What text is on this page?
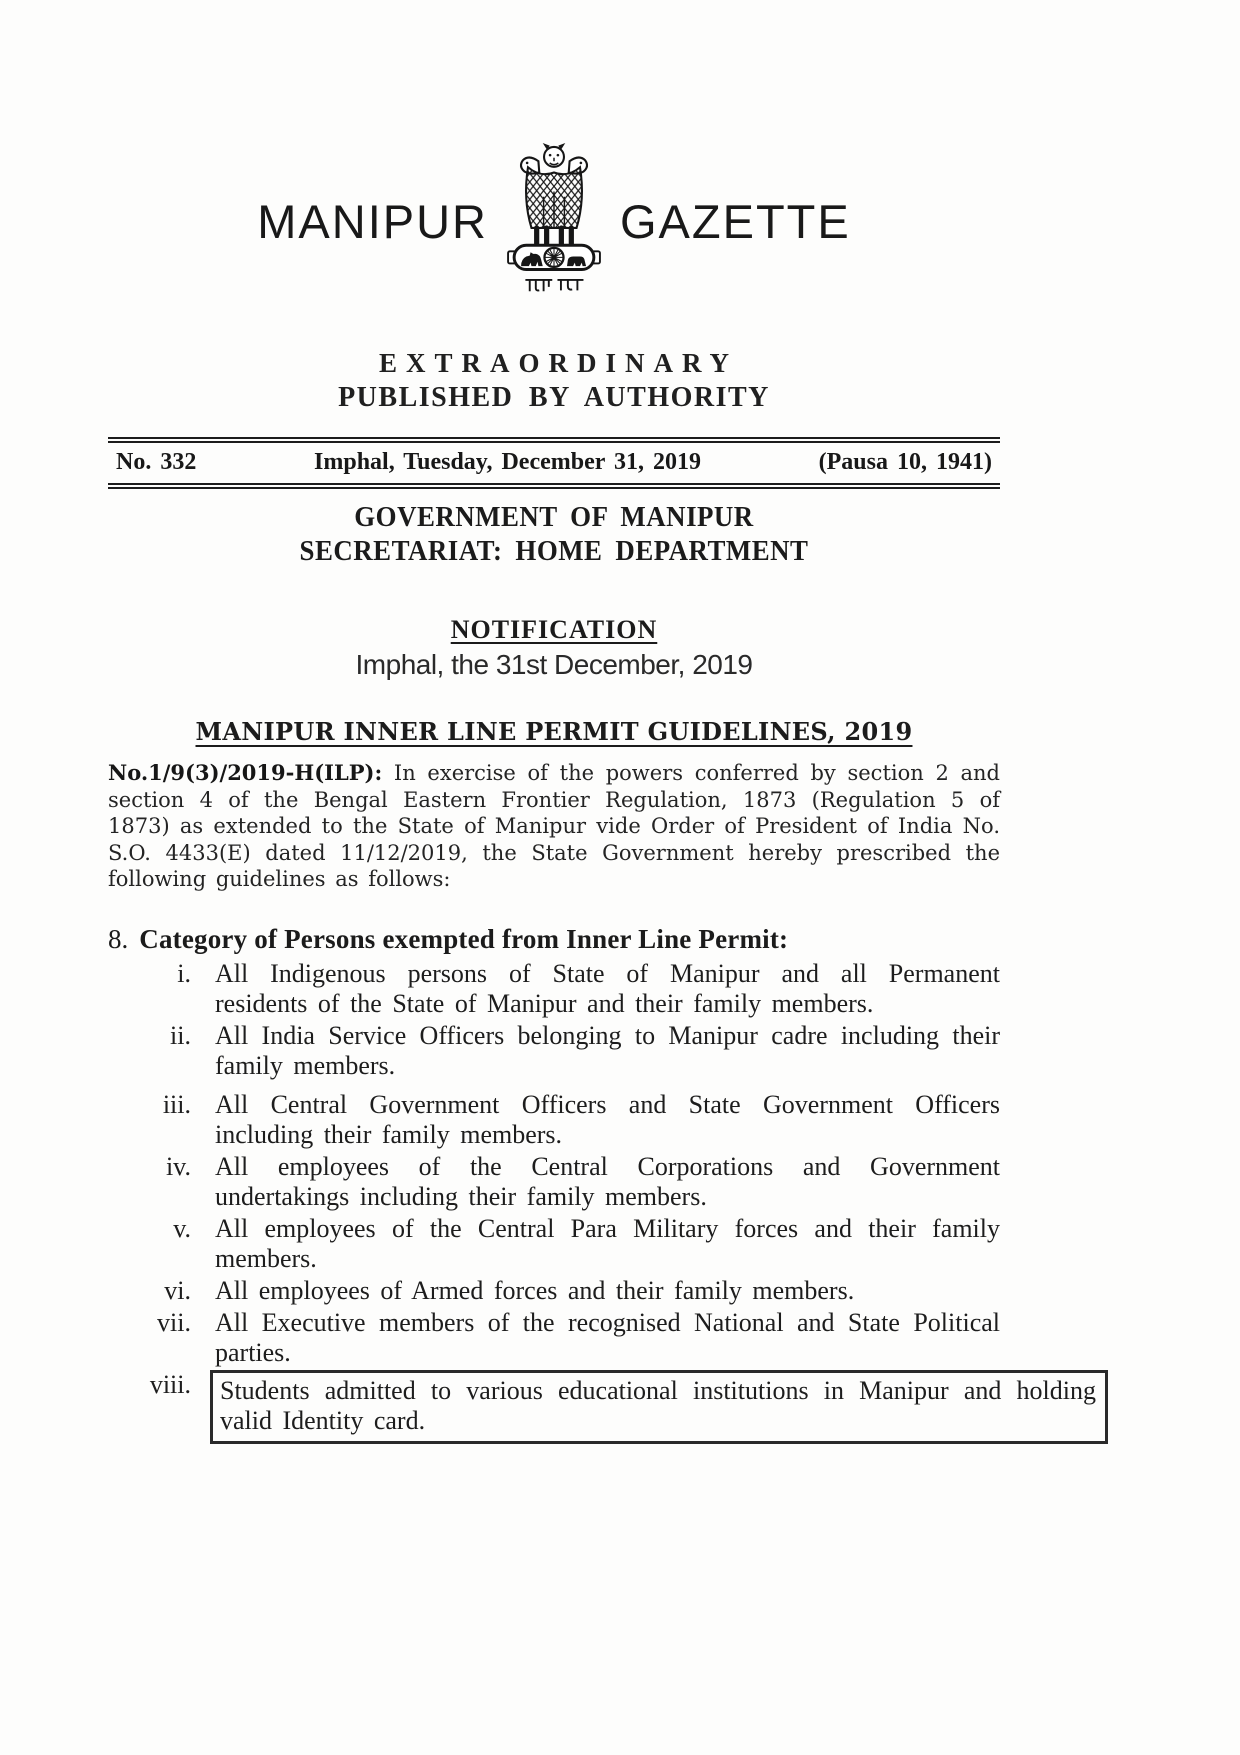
MANIPUR	GAZETTE
EXTRAORDINARY
PUBLISHED BY AUTHORITY
No. 332	Imphal, Tuesday, December 31, 2019	(Pausa 10, 1941)
GOVERNMENT OF MANIPUR
SECRETARIAT: HOME DEPARTMENT
NOTIFICATION
Imphal, the 31st December, 2019
MANIPUR INNER LINE PERMIT GUIDELINES, 2019

No.1/9(3)/2019-H(ILP): In exercise of the powers conferred by section 2 and section 4 of the Bengal Eastern Frontier Regulation, 1873 (Regulation 5 of 1873) as extended to the State of Manipur vide Order of President of India No. S.O. 4433(E) dated 11/12/2019, the State Government hereby prescribed the following guidelines as follows:

8. Category of Persons exempted from Inner Line Permit:
i. All Indigenous persons of State of Manipur and all Permanent residents of the State of Manipur and their family members.
ii. All India Service Officers belonging to Manipur cadre including their family members.
iii. All Central Government Officers and State Government Officers including their family members.
iv. All employees of the Central Corporations and Government undertakings including their family members.
v. All employees of the Central Para Military forces and their family members.
vi. All employees of Armed forces and their family members.
vii. All Executive members of the recognised National and State Political parties.
viii.	Students admitted to various educational institutions in Manipur and holding valid Identity card.
